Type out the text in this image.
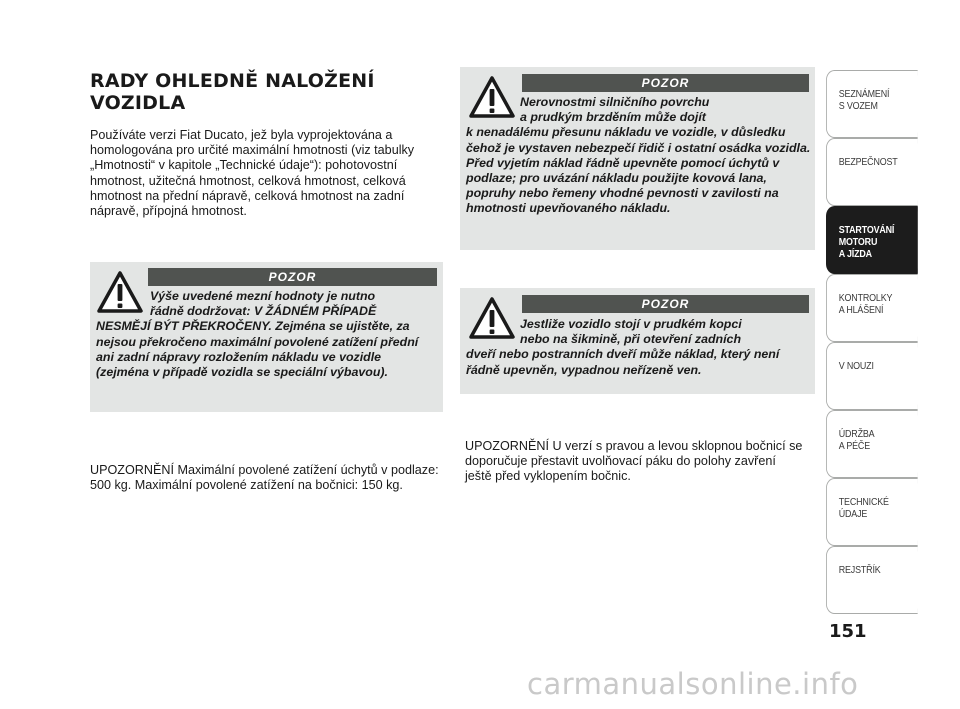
RADY OHLEDNĚ NALOŽENÍ
VOZIDLA

Používáte verzi Fiat Ducato, jež byla vyprojektována a homologována pro určité maximální hmotnosti (viz tabulky „Hmotnosti“ v kapitole „Technické údaje“): pohotovostní hmotnost, užitečná hmotnost, celková hmotnost, celková hmotnost na přední nápravě, celková hmotnost na zadní nápravě, přípojná hmotnost.

POZOR
Výše uvedené mezní hodnoty je nutno
řádně dodržovat: V ŽÁDNÉM PŘÍPADĚ
NESMĚJÍ BÝT PŘEKROČENY. Zejména se ujistěte, za nejsou překročeno maximální povolené zatížení přední ani zadní nápravy rozložením nákladu ve vozidle (zejména v případě vozidla se speciální výbavou).
POZOR
Nerovnostmi silničního povrchu
a prudkým brzděním může dojít
k nenadálému přesunu nákladu ve vozidle, v důsledku čehož je vystaven nebezpečí řidič i ostatní osádka vozidla. Před vyjetím náklad řádně upevněte pomocí úchytů v podlaze; pro uvázání nákladu použijte kovová lana, popruhy nebo řemeny vhodné pevnosti v zavilosti na hmotnosti upevňovaného nákladu.
POZOR
Jestliže vozidlo stojí v prudkém kopci
nebo na šikmině, při otevření zadních
dveří nebo postranních dveří může náklad, který není řádně upevněn, vypadnou neřízeně ven.

UPOZORNĚNÍ Maximální povolené zatížení úchytů v podlaze: 500 kg. Maximální povolené zatížení na bočnici: 150 kg.

UPOZORNĚNÍ U verzí s pravou a levou sklopnou bočnicí se doporučuje přestavit uvolňovací páku do polohy zavření ještě před vyklopením bočnic.

SEZNÁMENÍ
S VOZEM
BEZPEČNOST
STARTOVÁNÍ
MOTORU
A JÍZDA
KONTROLKY
A HLÁŠENÍ
V NOUZI
ÚDRŽBA
A PÉČE
TECHNICKÉ
ÚDAJE
REJSTŘÍK
151
carmanualsonline.info
